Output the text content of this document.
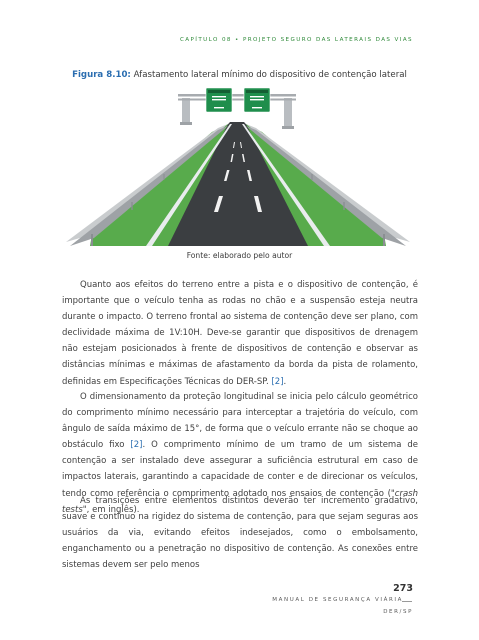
CAPÍTULO 08 • PROJETO SEGURO DAS LATERAIS DAS VIAS
Figura 8.10: Afastamento lateral mínimo do dispositivo de contenção lateral
≥1,00m	≥1,00m
Fonte: elaborado pelo autor

Quanto aos efeitos do terreno entre a pista e o dispositivo de contenção, é importante que o veículo tenha as rodas no chão e a suspensão esteja neutra durante o impacto. O terreno frontal ao sistema de contenção deve ser plano, com declividade máxima de 1V:10H. Deve-se garantir que dispositivos de drenagem não estejam posicionados à frente de dispositivos de contenção e observar as distâncias mínimas e máximas de afastamento da borda da pista de rolamento, definidas em Especificações Técnicas do DER-SP. [2].

O dimensionamento da proteção longitudinal se inicia pelo cálculo geométrico do comprimento mínimo necessário para interceptar a trajetória do veículo, com ângulo de saída máximo de 15°, de forma que o veículo errante não se choque ao obstáculo fixo [2]. O comprimento mínimo de um tramo de um sistema de contenção a ser instalado deve assegurar a suficiência estrutural em caso de impactos laterais, garantindo a capacidade de conter e de direcionar os veículos, tendo como referência o comprimento adotado nos ensaios de contenção ("crash tests", em inglês).

As transições entre elementos distintos deverão ter incremento gradativo, suave e contínuo na rigidez do sistema de contenção, para que sejam seguras aos usuários da via, evitando efeitos indesejados, como o embolsamento, enganchamento ou a penetração no dispositivo de contenção. As conexões entre sistemas devem ser pelo menos

273
MANUAL DE SEGURANÇA VIÁRIA
DER/SP
